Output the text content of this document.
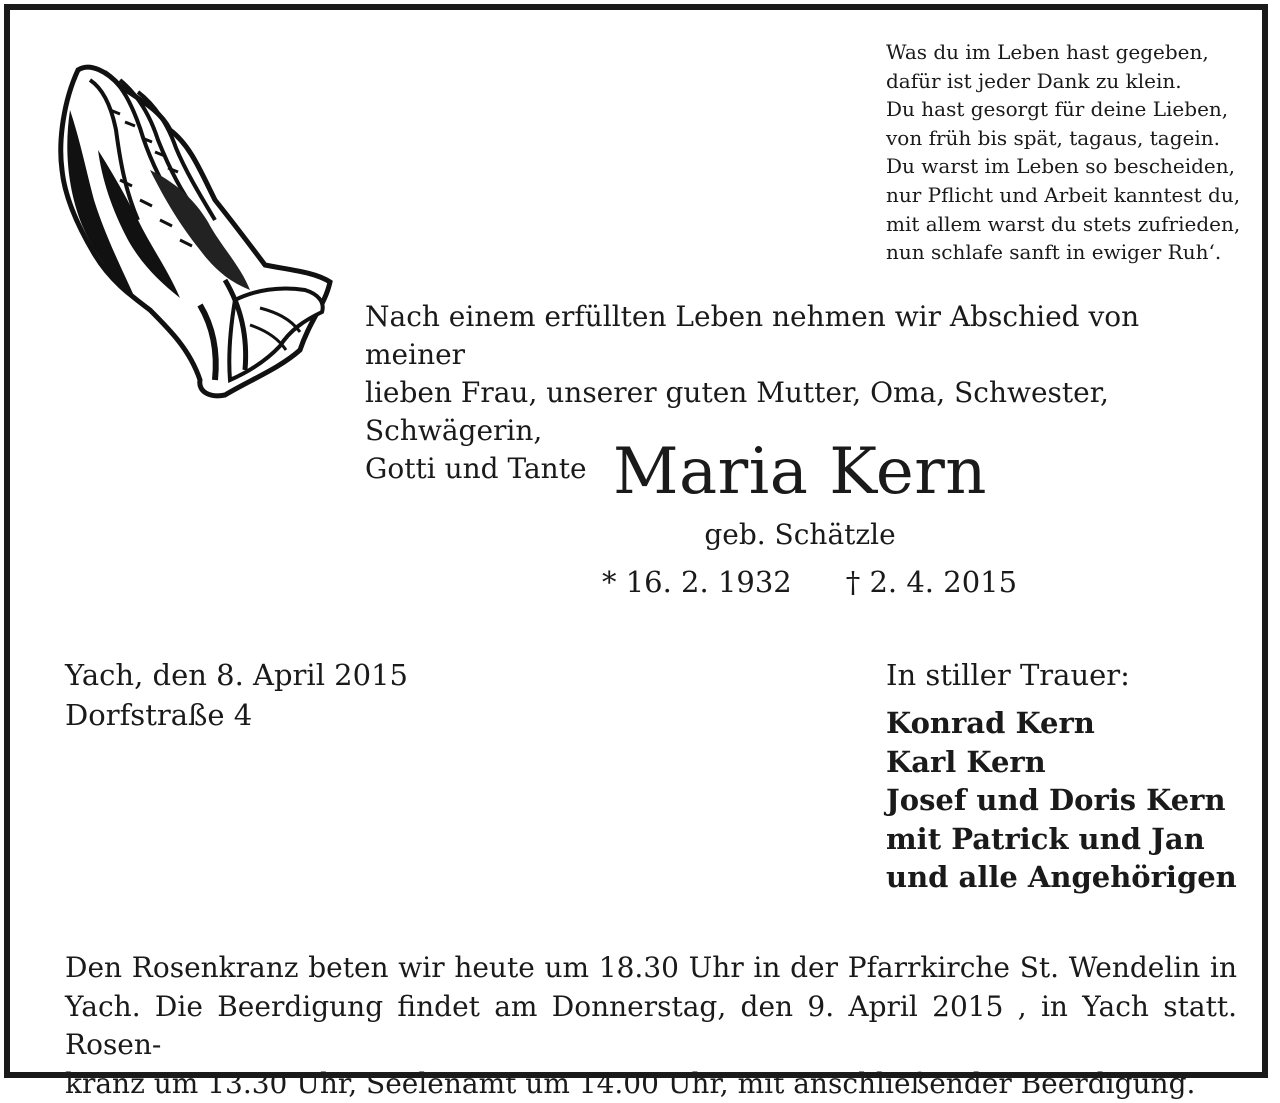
Was du im Leben hast gegeben,
dafür ist jeder Dank zu klein.
Du hast gesorgt für deine Lieben,
von früh bis spät, tagaus, tagein.
Du warst im Leben so bescheiden,
nur Pflicht und Arbeit kanntest du,
mit allem warst du stets zufrieden,
nun schlafe sanft in ewiger Ruh‘.
Nach einem erfüllten Leben nehmen wir Abschied von meiner
lieben Frau, unserer guten Mutter, Oma, Schwester, Schwägerin,
Gotti und Tante Maria Kern
geb. Schätzle
* 16. 2. 1932 † 2. 4. 2015
Yach, den 8. April 2015
Dorfstraße 4
In stiller Trauer:
Konrad Kern
Karl Kern
Josef und Doris Kern
mit Patrick und Jan
und alle Angehörigen
Den Rosenkranz beten wir heute um 18.30 Uhr in der Pfarrkirche St. Wendelin in
Yach. Die Beerdigung findet am Donnerstag, den 9. April 2015 , in Yach statt. Rosen-
kranz um 13.30 Uhr, Seelenamt um 14.00 Uhr, mit anschließender Beerdigung.
